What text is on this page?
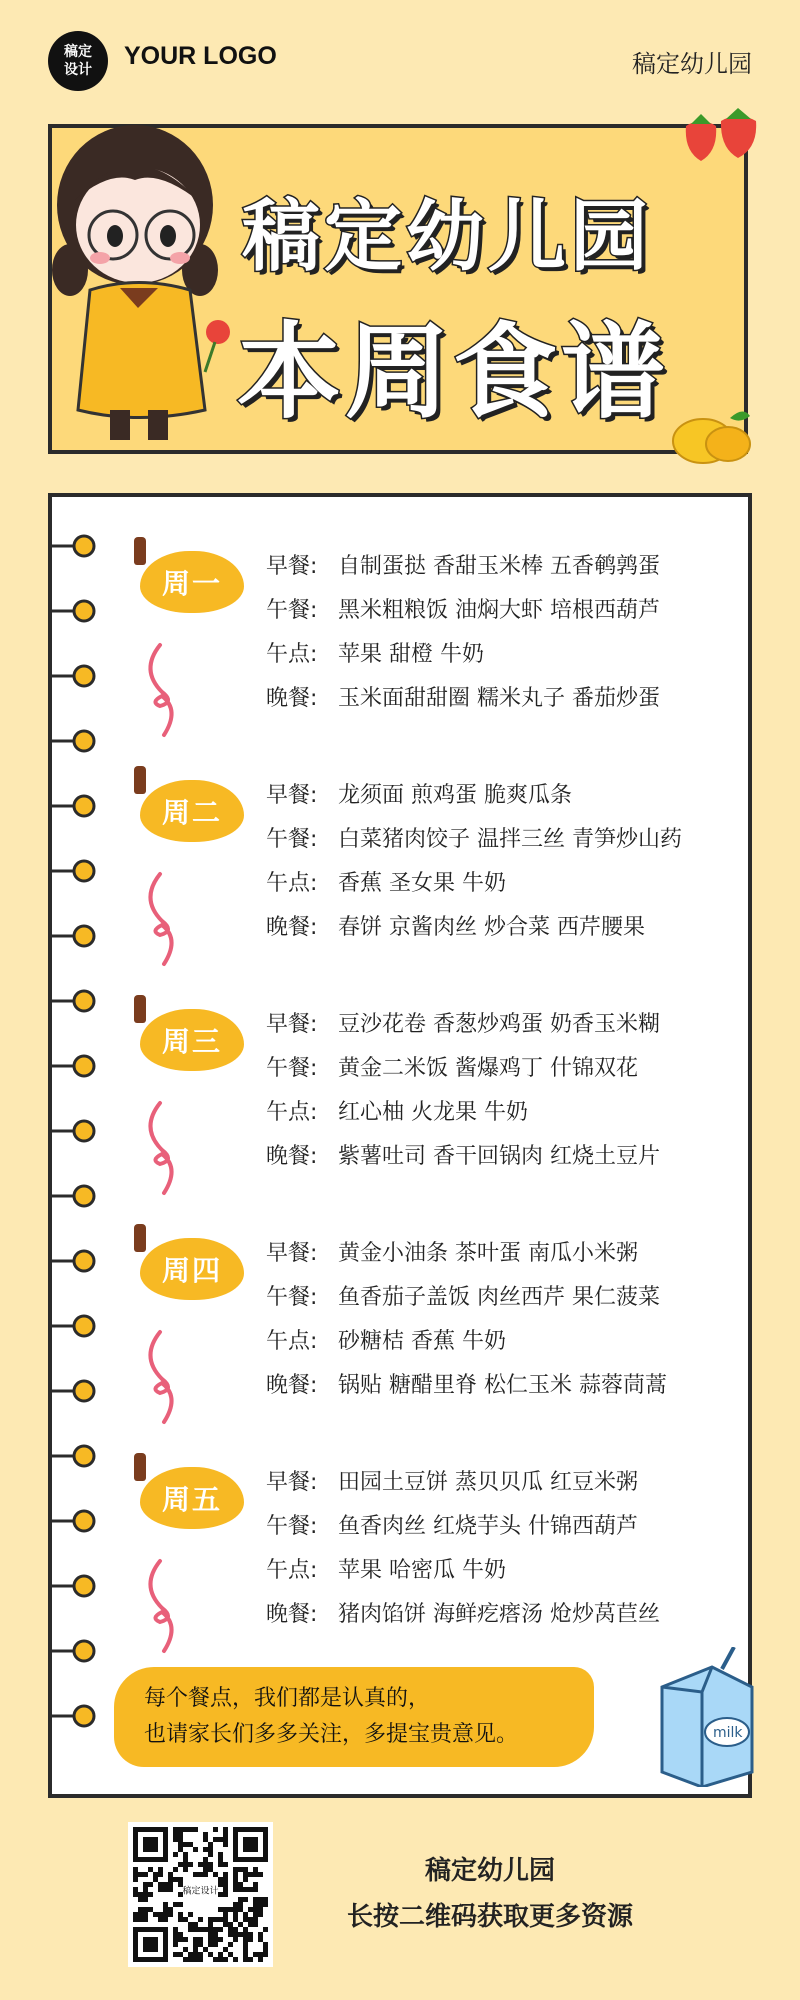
稿定设计 YOUR LOGO	稿定幼儿园
稿定幼儿园
本周食谱
周一
早餐: 自制蛋挞 香甜玉米棒 五香鹌鹑蛋
午餐: 黑米粗粮饭 油焖大虾 培根西葫芦
午点: 苹果 甜橙 牛奶
晚餐: 玉米面甜甜圈 糯米丸子 番茄炒蛋
周二
早餐: 龙须面 煎鸡蛋 脆爽瓜条
午餐: 白菜猪肉饺子 温拌三丝 青笋炒山药
午点: 香蕉 圣女果 牛奶
晚餐: 春饼 京酱肉丝 炒合菜 西芹腰果
周三
早餐: 豆沙花卷 香葱炒鸡蛋 奶香玉米糊
午餐: 黄金二米饭 酱爆鸡丁 什锦双花
午点: 红心柚 火龙果 牛奶
晚餐: 紫薯吐司 香干回锅肉 红烧土豆片
周四
早餐: 黄金小油条 茶叶蛋 南瓜小米粥
午餐: 鱼香茄子盖饭 肉丝西芹 果仁菠菜
午点: 砂糖桔 香蕉 牛奶
晚餐: 锅贴 糖醋里脊 松仁玉米 蒜蓉茼蒿
周五
早餐: 田园土豆饼 蒸贝贝瓜 红豆米粥
午餐: 鱼香肉丝 红烧芋头 什锦西葫芦
午点: 苹果 哈密瓜 牛奶
晚餐: 猪肉馅饼 海鲜疙瘩汤 炝炒莴苣丝
每个餐点，我们都是认真的，
也请家长们多多关注，多提宝贵意见。	milk
稿定设计
稿定幼儿园
长按二维码获取更多资源
